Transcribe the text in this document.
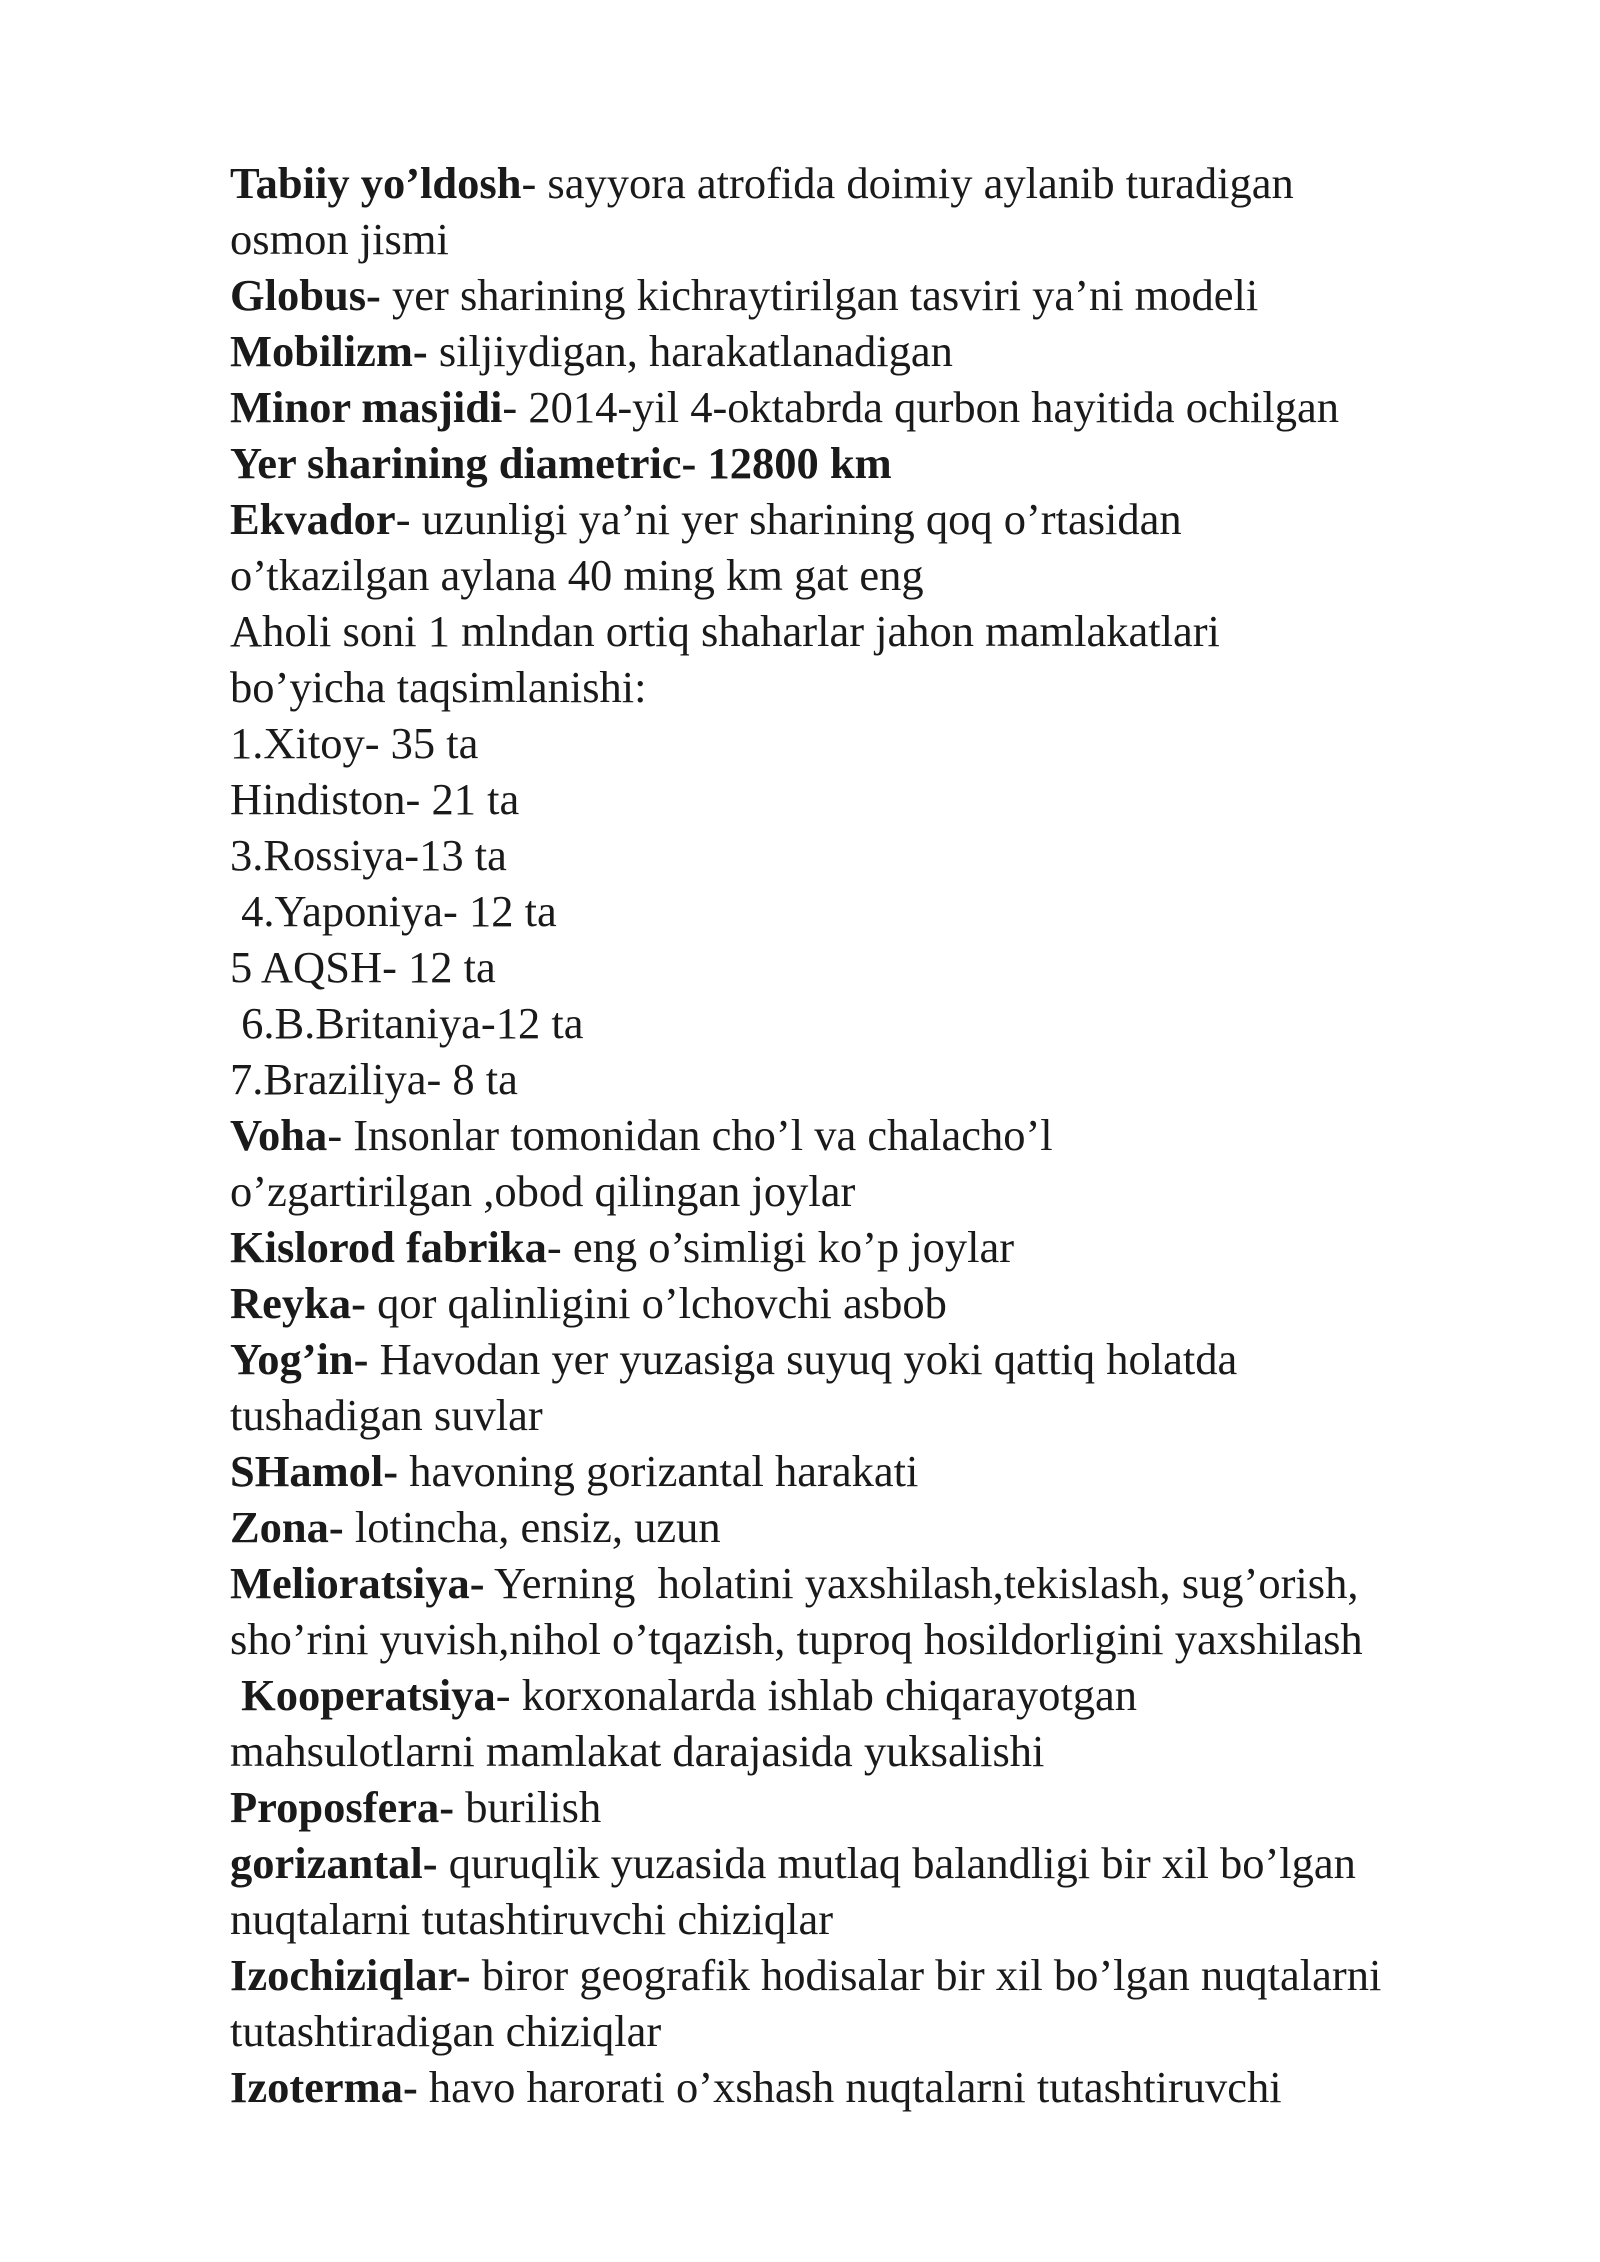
Tabiiy yo’ldosh- sayyora atrofida doimiy aylanib turadigan
osmon jismi
Globus- yer sharining kichraytirilgan tasviri ya’ni modeli
Mobilizm- siljiydigan, harakatlanadigan
Minor masjidi- 2014-yil 4-oktabrda qurbon hayitida ochilgan
Yer sharining diametric- 12800 km
Ekvador- uzunligi ya’ni yer sharining qoq o’rtasidan
o’tkazilgan aylana 40 ming km gat eng
Aholi soni 1 mlndan ortiq shaharlar jahon mamlakatlari
bo’yicha taqsimlanishi:
1.Xitoy- 35 ta
Hindiston- 21 ta
3.Rossiya-13 ta
4.Yaponiya- 12 ta
5 AQSH- 12 ta
6.B.Britaniya-12 ta
7.Braziliya- 8 ta
Voha- Insonlar tomonidan cho’l va chalacho’l
o’zgartirilgan ,obod qilingan joylar
Kislorod fabrika- eng o’simligi ko’p joylar
Reyka- qor qalinligini o’lchovchi asbob
Yog’in- Havodan yer yuzasiga suyuq yoki qattiq holatda
tushadigan suvlar
SHamol- havoning gorizantal harakati
Zona- lotincha, ensiz, uzun
Melioratsiya- Yerning  holatini yaxshilash,tekislash, sug’orish,
sho’rini yuvish,nihol o’tqazish, tuproq hosildorligini yaxshilash
Kooperatsiya- korxonalarda ishlab chiqarayotgan
mahsulotlarni mamlakat darajasida yuksalishi
Proposfera- burilish
gorizantal- quruqlik yuzasida mutlaq balandligi bir xil bo’lgan
nuqtalarni tutashtiruvchi chiziqlar
Izochiziqlar- biror geografik hodisalar bir xil bo’lgan nuqtalarni
tutashtiradigan chiziqlar
Izoterma- havo harorati o’xshash nuqtalarni tutashtiruvchi
